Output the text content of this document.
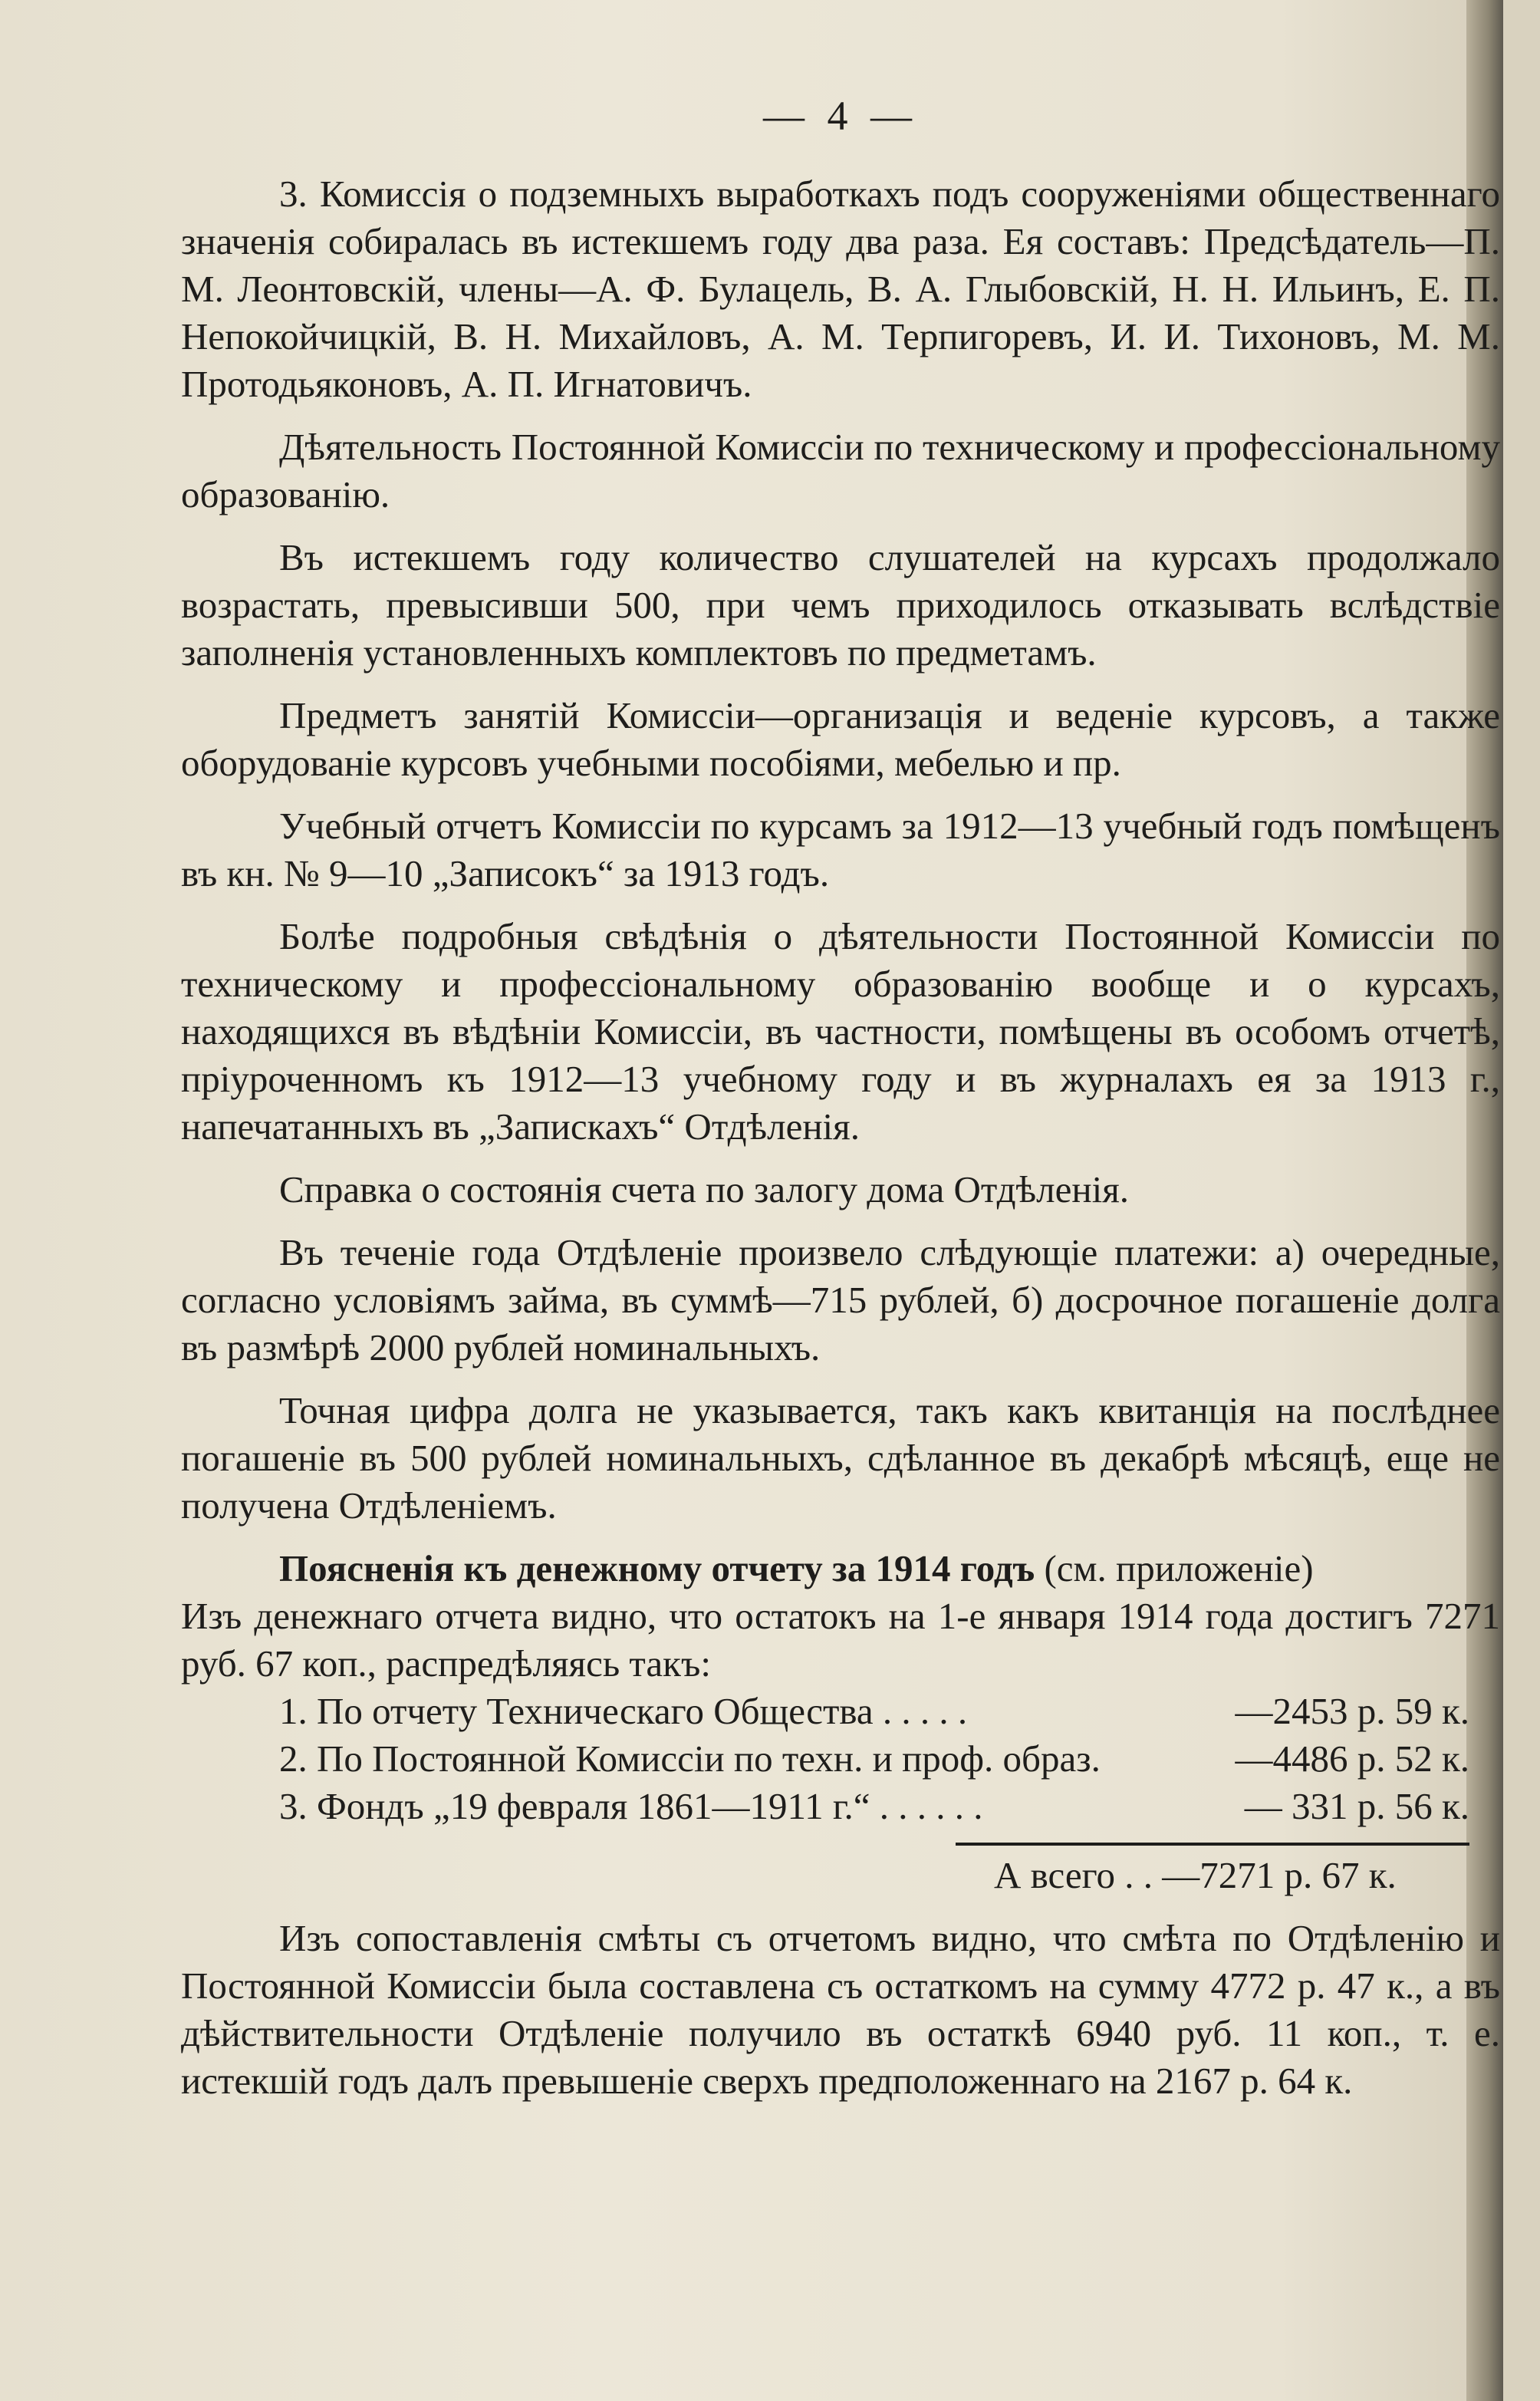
— 4 —

3. Комиссія о подземныхъ выработкахъ подъ сооруженіями общественнаго значенія собиралась въ истекшемъ году два раза. Ея составъ: Предсѣдатель—П. М. Леонтовскій, члены—А. Ф. Булацель, В. А. Глыбовскій, Н. Н. Ильинъ, Е. П. Непокойчицкій, В. Н. Михайловъ, А. М. Терпигоревъ, И. И. Тихоновъ, М. М. Протодьяконовъ, А. П. Игнатовичъ.

Дѣятельность Постоянной Комиссіи по техническому и профессіональному образованію.

Въ истекшемъ году количество слушателей на курсахъ продолжало возрастать, превысивши 500, при чемъ приходилось отказывать вслѣдствіе заполненія установленныхъ комплектовъ по предметамъ.

Предметъ занятій Комиссіи—организація и веденіе курсовъ, а также оборудованіе курсовъ учебными пособіями, мебелью и пр.

Учебный отчетъ Комиссіи по курсамъ за 1912—13 учебный годъ помѣщенъ въ кн. № 9—10 „Записокъ“ за 1913 годъ.

Болѣе подробныя свѣдѣнія о дѣятельности Постоянной Комиссіи по техническому и профессіональному образованію вообще и о курсахъ, находящихся въ вѣдѣніи Комиссіи, въ частности, помѣщены въ особомъ отчетѣ, пріуроченномъ къ 1912—13 учебному году и въ журналахъ ея за 1913 г., напечатанныхъ въ „Запискахъ“ Отдѣленія.

Справка о состоянія счета по залогу дома Отдѣленія.

Въ теченіе года Отдѣленіе произвело слѣдующіе платежи: а) очередные, согласно условіямъ займа, въ суммѣ—715 рублей, б) досрочное погашеніе долга въ размѣрѣ 2000 рублей номинальныхъ.

Точная цифра долга не указывается, такъ какъ квитанція на послѣднее погашеніе въ 500 рублей номинальныхъ, сдѣланное въ декабрѣ мѣсяцѣ, еще не получена Отдѣленіемъ.

Поясненія къ денежному отчету за 1914 годъ (см. приложеніе)

Изъ денежнаго отчета видно, что остатокъ на 1-е января 1914 года достигъ 7271 руб. 67 коп., распредѣляясь такъ:

1. По отчету Техническаго Общества . . . . .	—2453 р. 59 к.
2. По Постоянной Комиссіи по техн. и проф. образ.	—4486 р. 52 к.
3. Фондъ „19 февраля 1861—1911 г.“ . . . . . .	— 331 р. 56 к.
А всего . . —7271 р. 67 к.

Изъ сопоставленія смѣты съ отчетомъ видно, что смѣта по Отдѣленію и Постоянной Комиссіи была составлена съ остаткомъ на сумму 4772 р. 47 к., а въ дѣйствительности Отдѣленіе получило въ остаткѣ 6940 руб. 11 коп., т. е. истекшій годъ далъ превышеніе сверхъ предположеннаго на 2167 р. 64 к.
